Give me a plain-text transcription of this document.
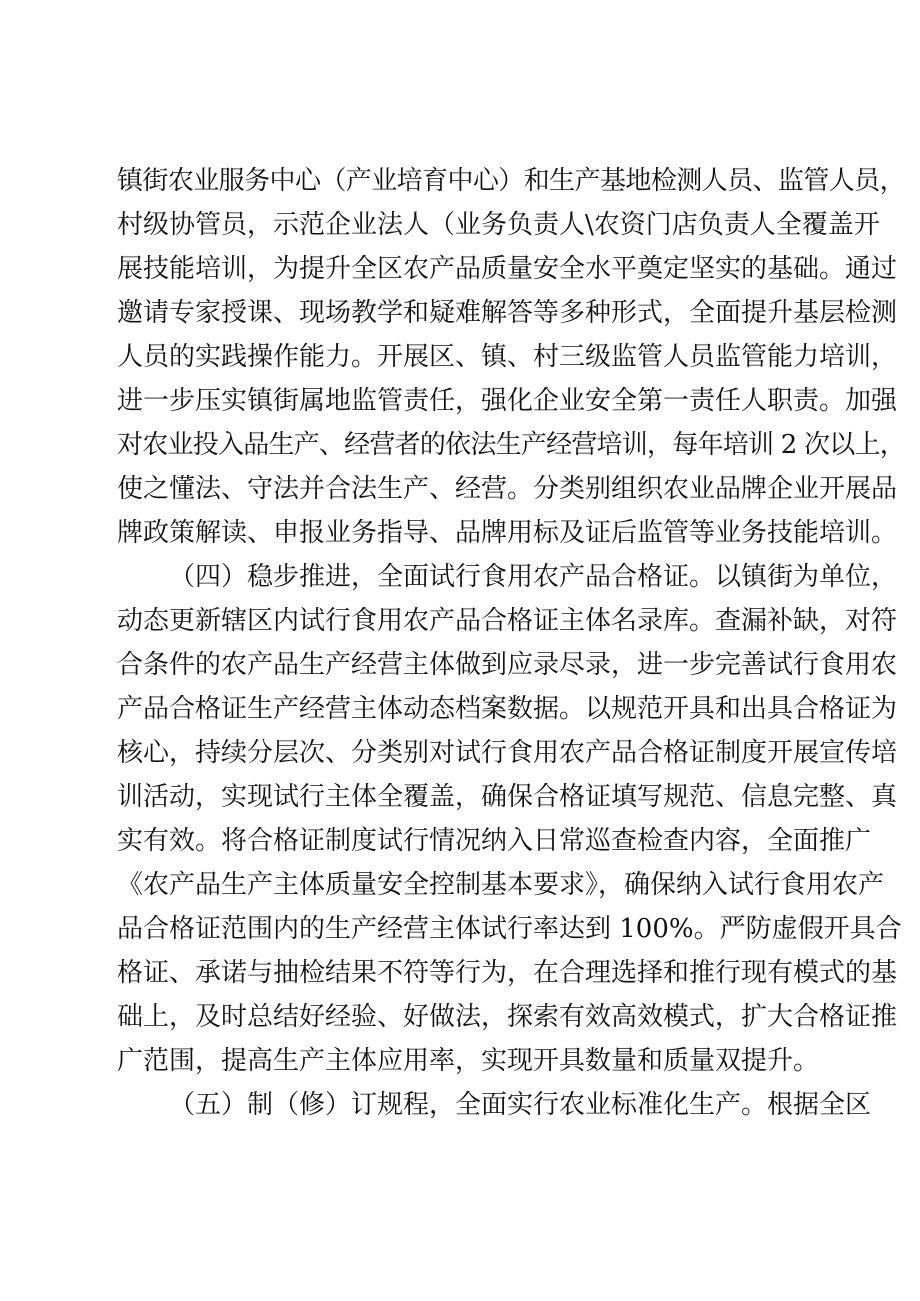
镇街农业服务中心（产业培育中心）和生产基地检测人员、监管人员，
村级协管员，示范企业法人（业务负责人\农资门店负责人全覆盖开
展技能培训，为提升全区农产品质量安全水平奠定坚实的基础。通过
邀请专家授课、现场教学和疑难解答等多种形式，全面提升基层检测
人员的实践操作能力。开展区、镇、村三级监管人员监管能力培训，
进一步压实镇街属地监管责任，强化企业安全第一责任人职责。加强
对农业投入品生产、经营者的依法生产经营培训，每年培训 2 次以上，
使之懂法、守法并合法生产、经营。分类别组织农业品牌企业开展品
牌政策解读、申报业务指导、品牌用标及证后监管等业务技能培训。
（四）稳步推进，全面试行食用农产品合格证。以镇街为单位，
动态更新辖区内试行食用农产品合格证主体名录库。查漏补缺，对符
合条件的农产品生产经营主体做到应录尽录，进一步完善试行食用农
产品合格证生产经营主体动态档案数据。以规范开具和出具合格证为
核心，持续分层次、分类别对试行食用农产品合格证制度开展宣传培
训活动，实现试行主体全覆盖，确保合格证填写规范、信息完整、真
实有效。将合格证制度试行情况纳入日常巡查检查内容，全面推广
《农产品生产主体质量安全控制基本要求》，确保纳入试行食用农产
品合格证范围内的生产经营主体试行率达到 100%。严防虚假开具合
格证、承诺与抽检结果不符等行为，在合理选择和推行现有模式的基
础上，及时总结好经验、好做法，探索有效高效模式，扩大合格证推
广范围，提高生产主体应用率，实现开具数量和质量双提升。
（五）制（修）订规程，全面实行农业标准化生产。根据全区
